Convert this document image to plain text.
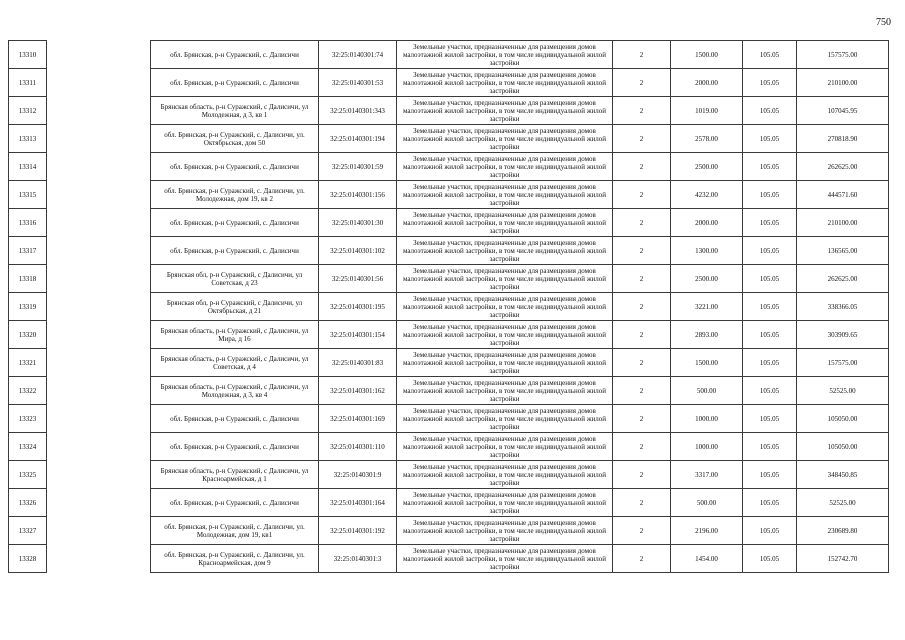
750
13310		обл. Брянская, р-н Суражский, с. Далисичи	32:25:0140301:74	Земельные участки, предназначенные для размещения домов малоэтажной жилой застройки, в том числе индивидуальной жилой застройки	2	1500.00	105.05	157575.00
13311		обл. Брянская, р-н Суражский, с. Далисичи	32:25:0140301:53	Земельные участки, предназначенные для размещения домов малоэтажной жилой застройки, в том числе индивидуальной жилой застройки	2	2000.00	105.05	210100.00
13312		Брянская область, р-н Суражский, с Далисичи, ул Молодежная, д 3, кв 1	32:25:0140301:343	Земельные участки, предназначенные для размещения домов малоэтажной жилой застройки, в том числе индивидуальной жилой застройки	2	1019.00	105.05	107045.95
13313		обл. Брянская, р-н Суражский, с. Далисичи, ул. Октябрьская, дом 50	32:25:0140301:194	Земельные участки, предназначенные для размещения домов малоэтажной жилой застройки, в том числе индивидуальной жилой застройки	2	2578.00	105.05	270818.90
13314		обл. Брянская, р-н Суражский, с. Далисичи	32:25:0140301:59	Земельные участки, предназначенные для размещения домов малоэтажной жилой застройки, в том числе индивидуальной жилой застройки	2	2500.00	105.05	262625.00
13315		обл. Брянская, р-н Суражский, с. Далисичи, ул. Молодежная, дом 19, кв 2	32:25:0140301:156	Земельные участки, предназначенные для размещения домов малоэтажной жилой застройки, в том числе индивидуальной жилой застройки	2	4232.00	105.05	444571.60
13316		обл. Брянская, р-н Суражский, с. Далисичи	32:25:0140301:30	Земельные участки, предназначенные для размещения домов малоэтажной жилой застройки, в том числе индивидуальной жилой застройки	2	2000.00	105.05	210100.00
13317		обл. Брянская, р-н Суражский, с. Далисичи	32:25:0140301:102	Земельные участки, предназначенные для размещения домов малоэтажной жилой застройки, в том числе индивидуальной жилой застройки	2	1300.00	105.05	136565.00
13318		Брянская обл, р-н Суражский, с Далисичи, ул Советская, д 23	32:25:0140301:56	Земельные участки, предназначенные для размещения домов малоэтажной жилой застройки, в том числе индивидуальной жилой застройки	2	2500.00	105.05	262625.00
13319		Брянская обл, р-н Суражский, с Далисичи, ул Октябрьская, д 21	32:25:0140301:195	Земельные участки, предназначенные для размещения домов малоэтажной жилой застройки, в том числе индивидуальной жилой застройки	2	3221.00	105.05	338366.05
13320		Брянская область, р-н Суражский, с Далисичи, ул Мира, д 16	32:25:0140301:154	Земельные участки, предназначенные для размещения домов малоэтажной жилой застройки, в том числе индивидуальной жилой застройки	2	2893.00	105.05	303909.65
13321		Брянская область, р-н Суражский, с Далисичи, ул Советская, д 4	32:25:0140301:83	Земельные участки, предназначенные для размещения домов малоэтажной жилой застройки, в том числе индивидуальной жилой застройки	2	1500.00	105.05	157575.00
13322		Брянская область, р-н Суражский, с Далисичи, ул Молодежная, д 3, кв 4	32:25:0140301:162	Земельные участки, предназначенные для размещения домов малоэтажной жилой застройки, в том числе индивидуальной жилой застройки	2	500.00	105.05	52525.00
13323		обл. Брянская, р-н Суражский, с. Далисичи	32:25:0140301:169	Земельные участки, предназначенные для размещения домов малоэтажной жилой застройки, в том числе индивидуальной жилой застройки	2	1000.00	105.05	105050.00
13324		обл. Брянская, р-н Суражский, с. Далисичи	32:25:0140301:110	Земельные участки, предназначенные для размещения домов малоэтажной жилой застройки, в том числе индивидуальной жилой застройки	2	1000.00	105.05	105050.00
13325		Брянская область, р-н Суражский, с Далисичи, ул Красноармейская, д 1	32:25:0140301:9	Земельные участки, предназначенные для размещения домов малоэтажной жилой застройки, в том числе индивидуальной жилой застройки	2	3317.00	105.05	348450.85
13326		обл. Брянская, р-н Суражский, с. Далисичи	32:25:0140301:164	Земельные участки, предназначенные для размещения домов малоэтажной жилой застройки, в том числе индивидуальной жилой застройки	2	500.00	105.05	52525.00
13327		обл. Брянская, р-н Суражский, с. Далисичи, ул. Молодежная, дом 19, кв1	32:25:0140301:192	Земельные участки, предназначенные для размещения домов малоэтажной жилой застройки, в том числе индивидуальной жилой застройки	2	2196.00	105.05	230689.80
13328		обл. Брянская, р-н Суражский, с. Далисичи, ул. Красноармейская, дом 9	32:25:0140301:3	Земельные участки, предназначенные для размещения домов малоэтажной жилой застройки, в том числе индивидуальной жилой застройки	2	1454.00	105.05	152742.70
